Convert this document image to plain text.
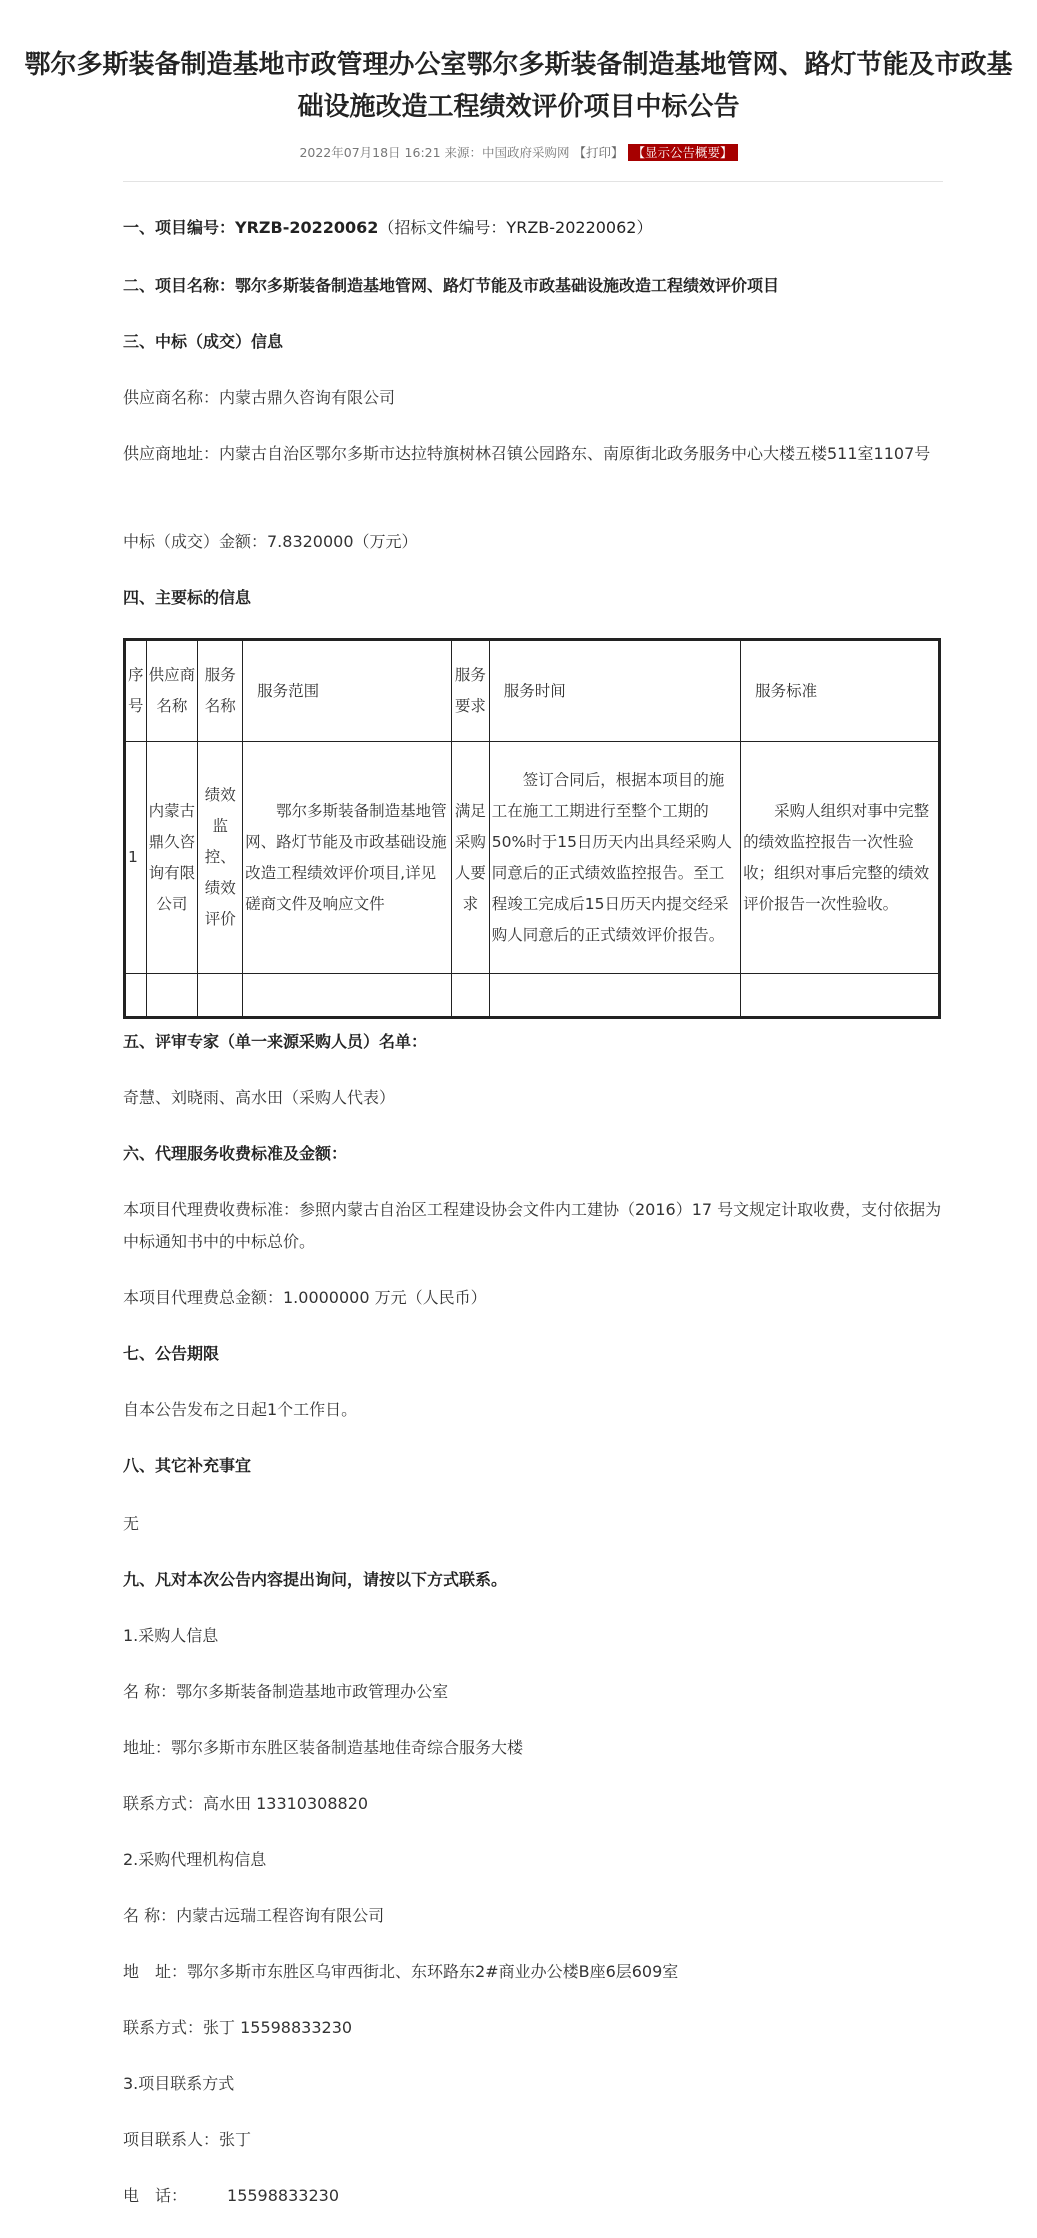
鄂尔多斯装备制造基地市政管理办公室鄂尔多斯装备制造基地管网、路灯节能及市政基础设施改造工程绩效评价项目中标公告
2022年07月18日 16:21 来源：中国政府采购网 【打印】 【显示公告概要】
一、项目编号：YRZB-20220062（招标文件编号：YRZB-20220062）
二、项目名称：鄂尔多斯装备制造基地管网、路灯节能及市政基础设施改造工程绩效评价项目
三、中标（成交）信息
供应商名称：内蒙古鼎久咨询有限公司
供应商地址：内蒙古自治区鄂尔多斯市达拉特旗树林召镇公园路东、南原街北政务服务中心大楼五楼511室1107号
中标（成交）金额：7.8320000（万元）
四、主要标的信息
序号	供应商名称	服务名称	服务范围	服务要求	服务时间	服务标准
1	内蒙古鼎久咨询有限公司	绩效监控、绩效评价	鄂尔多斯装备制造基地管网、路灯节能及市政基础设施改造工程绩效评价项目,详见磋商文件及响应文件	满足采购人要求	签订合同后，根据本项目的施工在施工工期进行至整个工期的50%时于15日历天内出具经采购人同意后的正式绩效监控报告。至工程竣工完成后15日历天内提交经采购人同意后的正式绩效评价报告。	采购人组织对事中完整的绩效监控报告一次性验收；组织对事后完整的绩效评价报告一次性验收。

五、评审专家（单一来源采购人员）名单：
奇慧、刘晓雨、高水田（采购人代表）
六、代理服务收费标准及金额：
本项目代理费收费标准：参照内蒙古自治区工程建设协会文件内工建协（2016）17 号文规定计取收费，支付依据为中标通知书中的中标总价。
本项目代理费总金额：1.0000000 万元（人民币）
七、公告期限
自本公告发布之日起1个工作日。
八、其它补充事宜
无
九、凡对本次公告内容提出询问，请按以下方式联系。
1.采购人信息
名 称：鄂尔多斯装备制造基地市政管理办公室
地址：鄂尔多斯市东胜区装备制造基地佳奇综合服务大楼
联系方式：高水田 13310308820
2.采购代理机构信息
名 称：内蒙古远瑞工程咨询有限公司
地　址：鄂尔多斯市东胜区乌审西街北、东环路东2#商业办公楼B座6层609室
联系方式：张丁 15598833230
3.项目联系方式
项目联系人：张丁
电　话：	15598833230
